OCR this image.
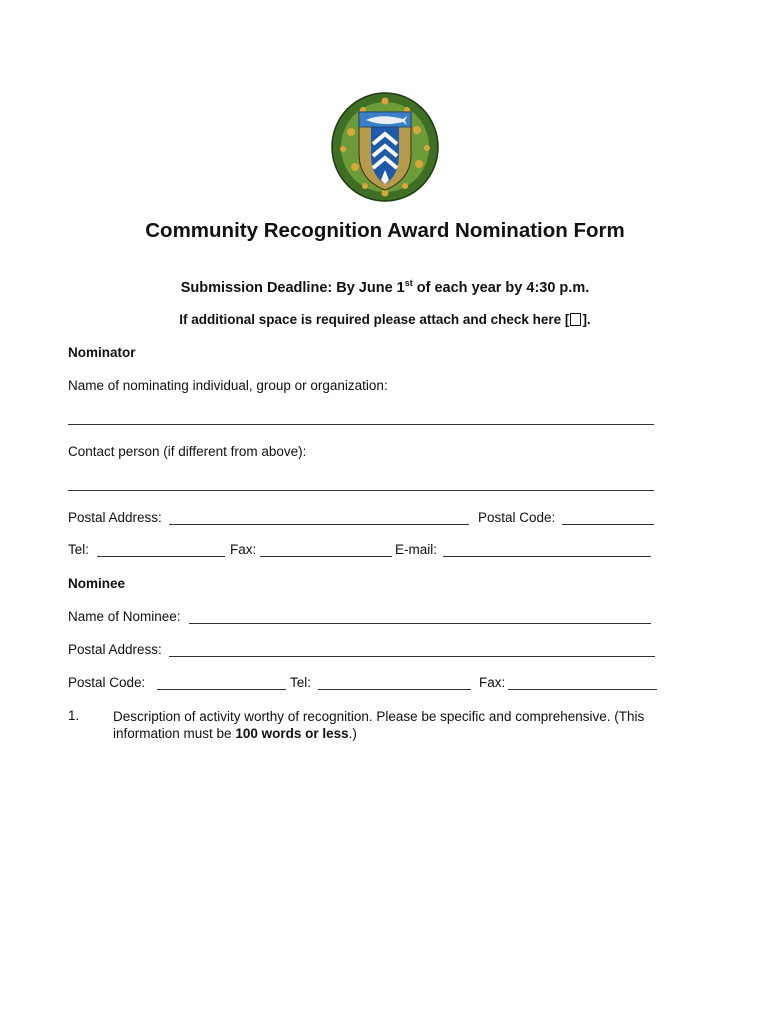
Community Recognition Award Nomination Form
Submission Deadline: By June 1st of each year by 4:30 p.m.
If additional space is required please attach and check here [ ].
Nominator
Name of nominating individual, group or organization:
Contact person (if different from above):
Postal Address:	Postal Code:
Tel:	Fax:	E-mail:
Nominee
Name of Nominee:
Postal Address:
Postal Code:	Tel:	Fax:
1. Description of activity worthy of recognition. Please be specific and comprehensive. (This information must be 100 words or less.)
